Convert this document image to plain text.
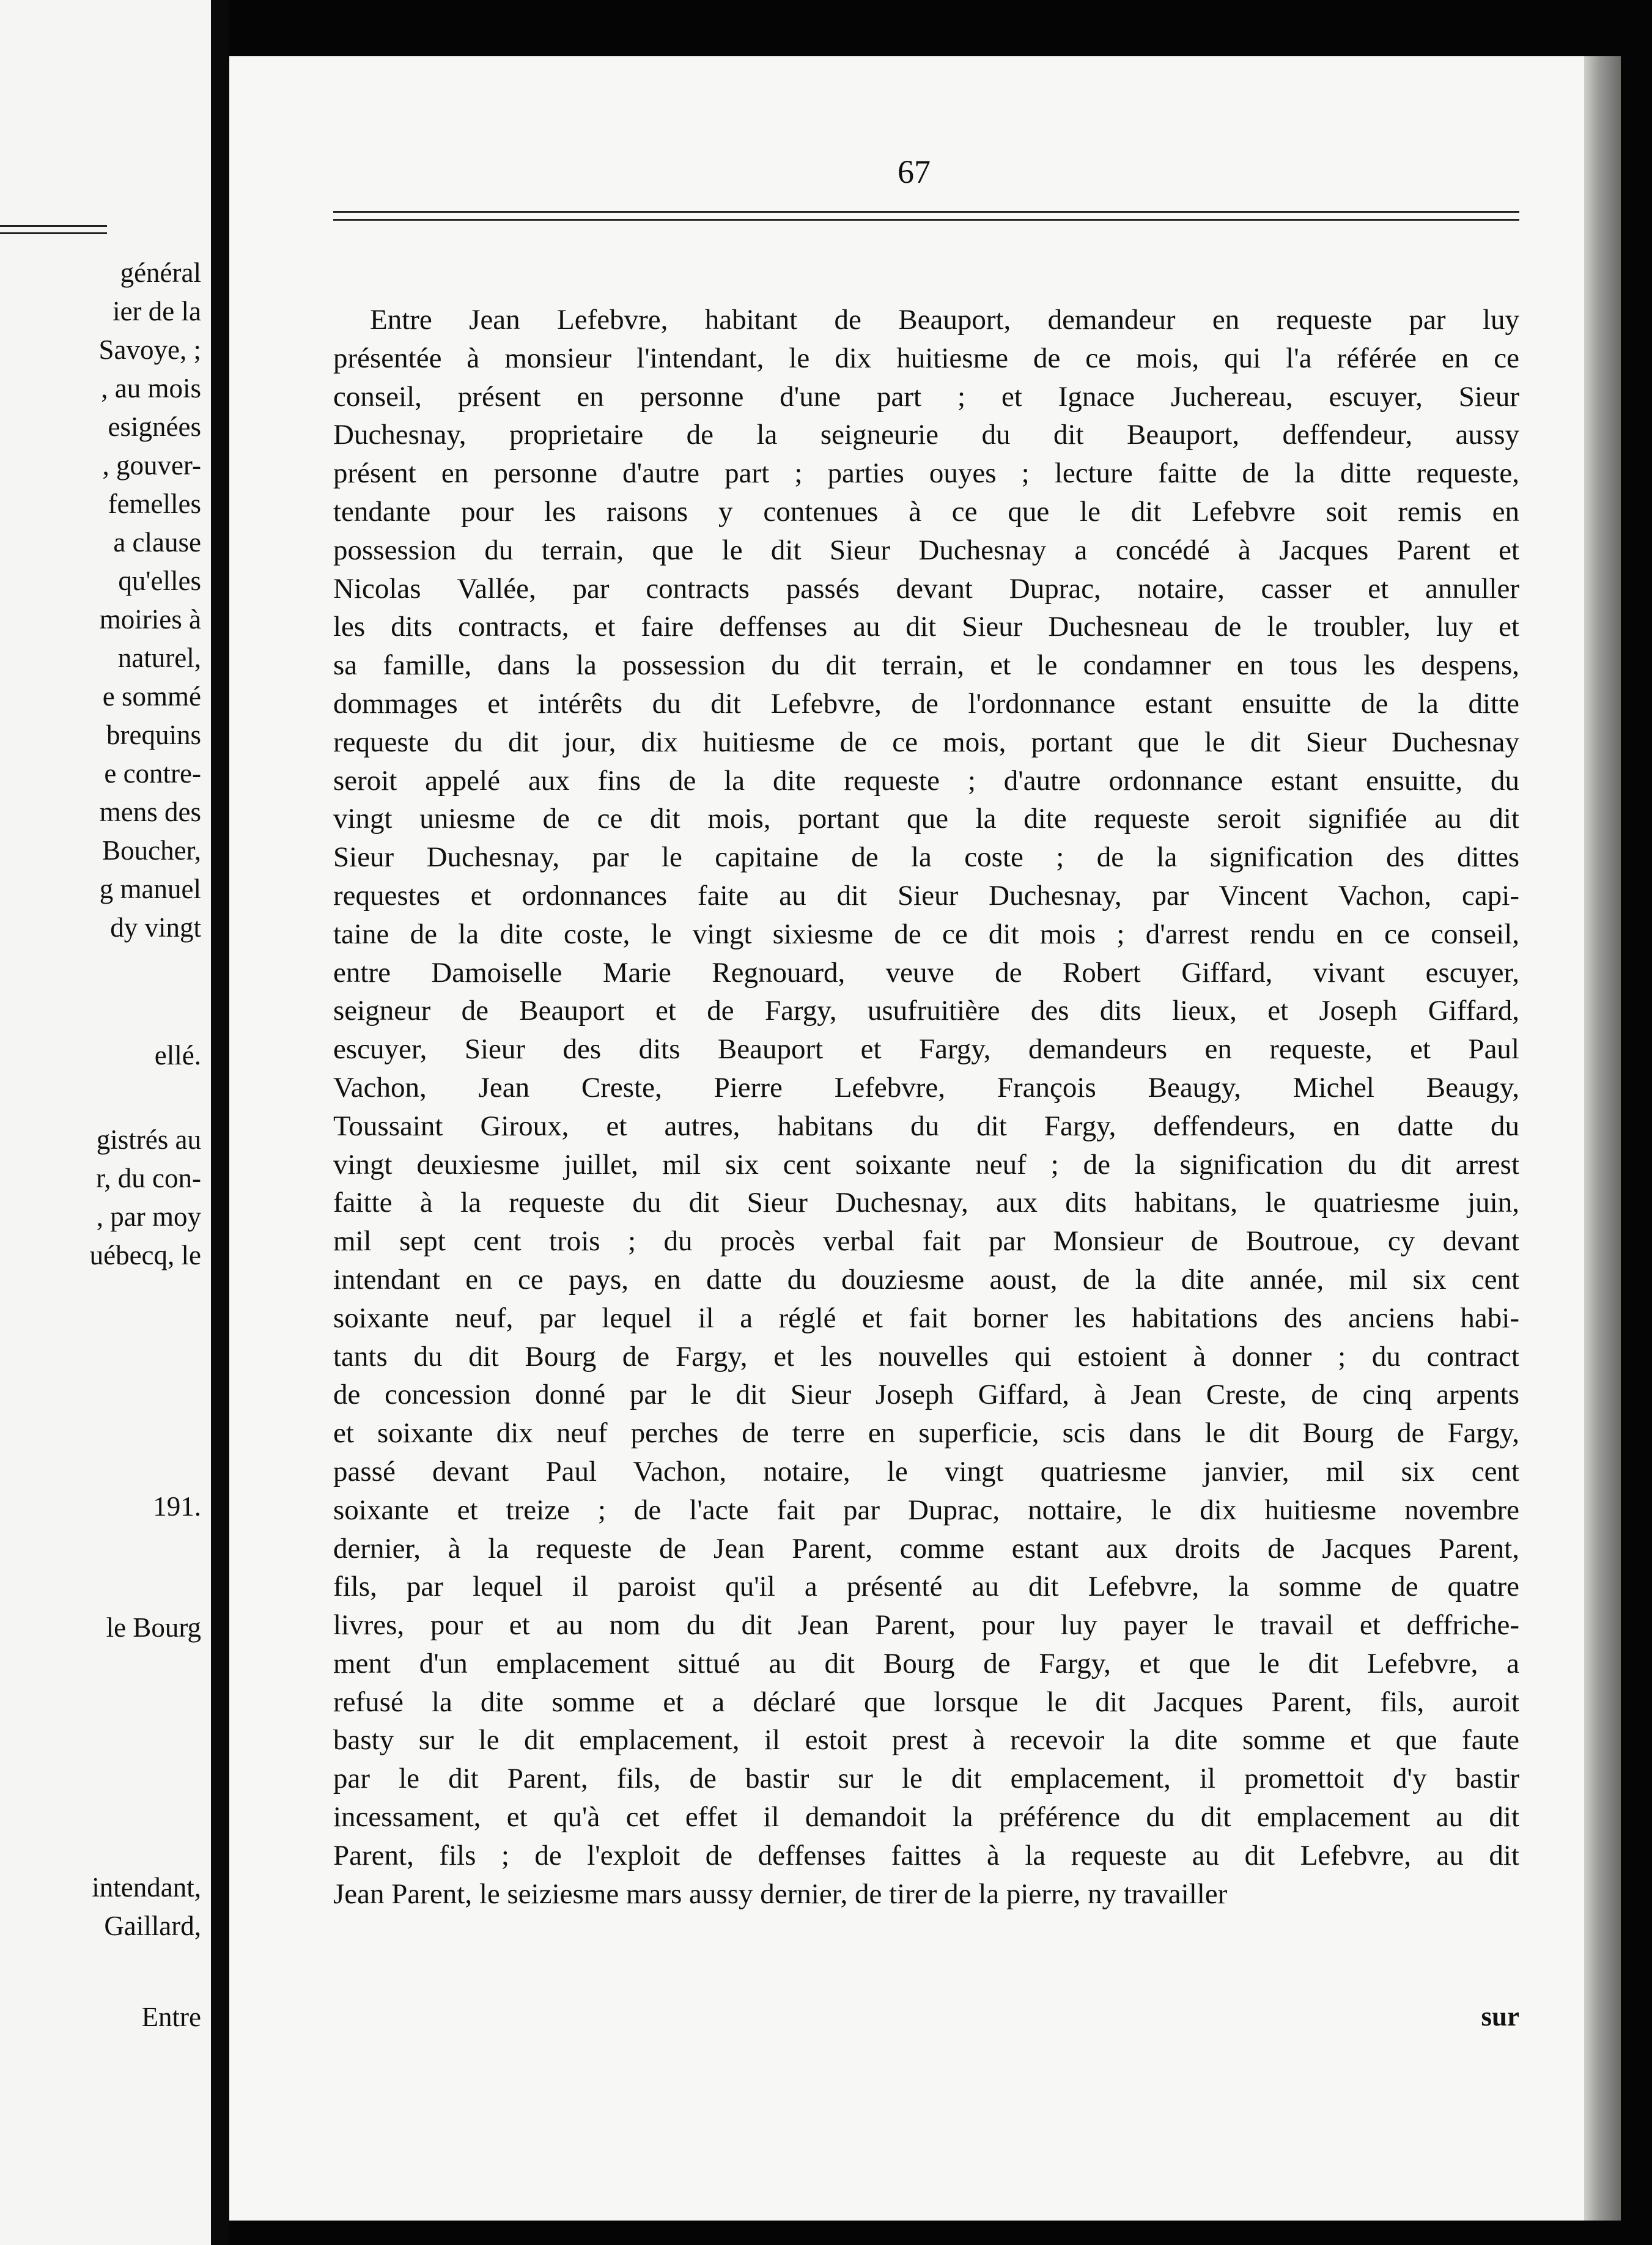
général
ier de la
Savoye, ;
, au mois
esignées
, gouver-
femelles
a clause
qu'elles
moiries à
naturel,
e sommé
brequins
e contre-
mens des
Boucher,
g manuel
dy vingt
ellé.
gistrés au
r, du con-
, par moy
uébecq, le
191.
le Bourg
intendant,
Gaillard,
Entre
67
Entre Jean Lefebvre, habitant de Beauport, demandeur en requeste par luy
présentée à monsieur l'intendant, le dix huitiesme de ce mois, qui l'a référée en ce
conseil, présent en personne d'une part ; et Ignace Juchereau, escuyer, Sieur
Duchesnay, proprietaire de la seigneurie du dit Beauport, deffendeur, aussy
présent en personne d'autre part ; parties ouyes ; lecture faitte de la ditte requeste,
tendante pour les raisons y contenues à ce que le dit Lefebvre soit remis en
possession du terrain, que le dit Sieur Duchesnay a concédé à Jacques Parent et
Nicolas Vallée, par contracts passés devant Duprac, notaire, casser et annuller
les dits contracts, et faire deffenses au dit Sieur Duchesneau de le troubler, luy et
sa famille, dans la possession du dit terrain, et le condamner en tous les despens,
dommages et intérêts du dit Lefebvre, de l'ordonnance estant ensuitte de la ditte
requeste du dit jour, dix huitiesme de ce mois, portant que le dit Sieur Duchesnay
seroit appelé aux fins de la dite requeste ; d'autre ordonnance estant ensuitte, du
vingt uniesme de ce dit mois, portant que la dite requeste seroit signifiée au dit
Sieur Duchesnay, par le capitaine de la coste ; de la signification des dittes
requestes et ordonnances faite au dit Sieur Duchesnay, par Vincent Vachon, capi-
taine de la dite coste, le vingt sixiesme de ce dit mois ; d'arrest rendu en ce conseil,
entre Damoiselle Marie Regnouard, veuve de Robert Giffard, vivant escuyer,
seigneur de Beauport et de Fargy, usufruitière des dits lieux, et Joseph Giffard,
escuyer, Sieur des dits Beauport et Fargy, demandeurs en requeste, et Paul
Vachon, Jean Creste, Pierre Lefebvre, François Beaugy, Michel Beaugy,
Toussaint Giroux, et autres, habitans du dit Fargy, deffendeurs, en datte du
vingt deuxiesme juillet, mil six cent soixante neuf ; de la signification du dit arrest
faitte à la requeste du dit Sieur Duchesnay, aux dits habitans, le quatriesme juin,
mil sept cent trois ; du procès verbal fait par Monsieur de Boutroue, cy devant
intendant en ce pays, en datte du douziesme aoust, de la dite année, mil six cent
soixante neuf, par lequel il a réglé et fait borner les habitations des anciens habi-
tants du dit Bourg de Fargy, et les nouvelles qui estoient à donner ; du contract
de concession donné par le dit Sieur Joseph Giffard, à Jean Creste, de cinq arpents
et soixante dix neuf perches de terre en superficie, scis dans le dit Bourg de Fargy,
passé devant Paul Vachon, notaire, le vingt quatriesme janvier, mil six cent
soixante et treize ; de l'acte fait par Duprac, nottaire, le dix huitiesme novembre
dernier, à la requeste de Jean Parent, comme estant aux droits de Jacques Parent,
fils, par lequel il paroist qu'il a présenté au dit Lefebvre, la somme de quatre
livres, pour et au nom du dit Jean Parent, pour luy payer le travail et deffriche-
ment d'un emplacement sittué au dit Bourg de Fargy, et que le dit Lefebvre, a
refusé la dite somme et a déclaré que lorsque le dit Jacques Parent, fils, auroit
basty sur le dit emplacement, il estoit prest à recevoir la dite somme et que faute
par le dit Parent, fils, de bastir sur le dit emplacement, il promettoit d'y bastir
incessament, et qu'à cet effet il demandoit la préférence du dit emplacement au dit
Parent, fils ; de l'exploit de deffenses faittes à la requeste au dit Lefebvre, au dit
Jean Parent, le seiziesme mars aussy dernier, de tirer de la pierre, ny travailler
sur
